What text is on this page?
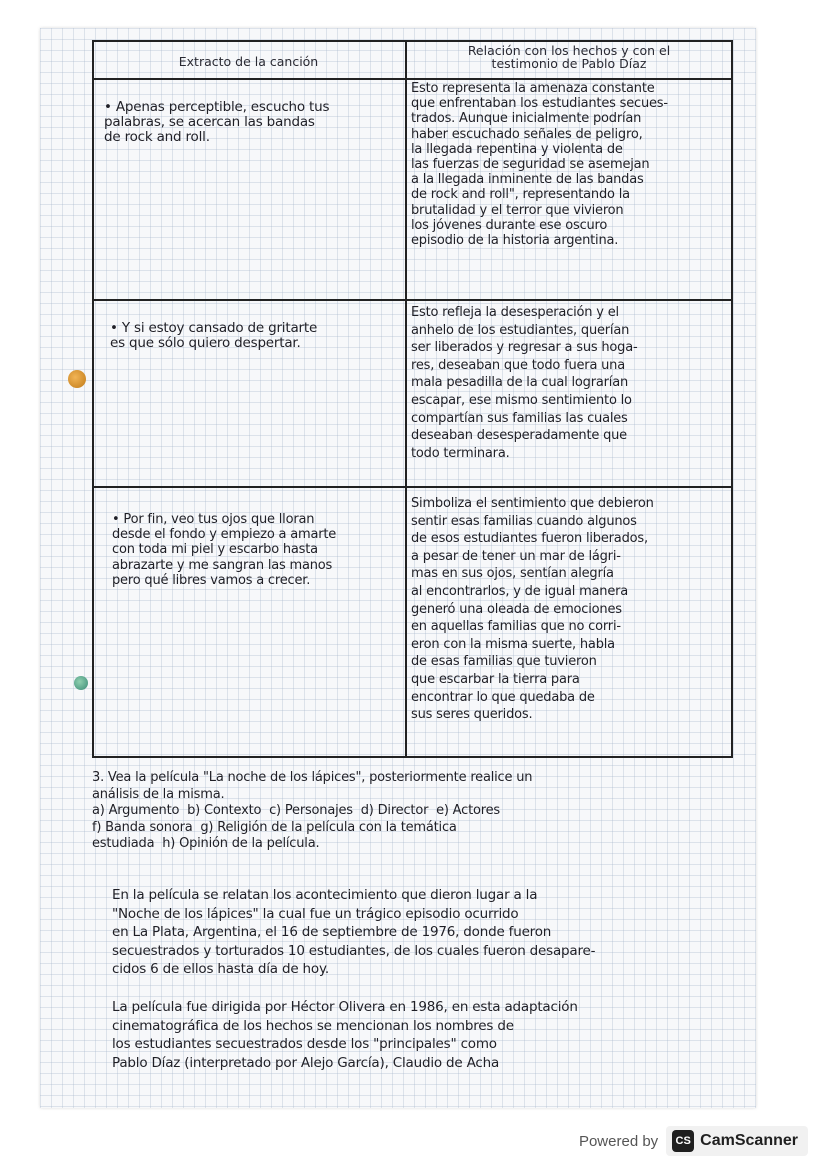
Extracto de la canción
Relación con los hechos y con el
testimonio de Pablo Díaz
• Apenas perceptible, escucho tus
palabras, se acercan las bandas
de rock and roll.
Esto representa la amenaza constante
que enfrentaban los estudiantes secues-
trados. Aunque inicialmente podrían
haber escuchado señales de peligro,
la llegada repentina y violenta de
las fuerzas de seguridad se asemejan
a la llegada inminente de las bandas
de rock and roll", representando la
brutalidad y el terror que vivieron
los jóvenes durante ese oscuro
episodio de la historia argentina.
• Y si estoy cansado de gritarte
es que sólo quiero despertar.
Esto refleja la desesperación y el
anhelo de los estudiantes, querían
ser liberados y regresar a sus hoga-
res, deseaban que todo fuera una
mala pesadilla de la cual lograrían
escapar, ese mismo sentimiento lo
compartían sus familias las cuales
deseaban desesperadamente que
todo terminara.
• Por fin, veo tus ojos que lloran
desde el fondo y empiezo a amarte
con toda mi piel y escarbo hasta
abrazarte y me sangran las manos
pero qué libres vamos a crecer.
Simboliza el sentimiento que debieron
sentir esas familias cuando algunos
de esos estudiantes fueron liberados,
a pesar de tener un mar de lágri-
mas en sus ojos, sentían alegría
al encontrarlos, y de igual manera
generó una oleada de emociones
en aquellas familias que no corri-
eron con la misma suerte, habla
de esas familias que tuvieron
que escarbar la tierra para
encontrar lo que quedaba de
sus seres queridos.
3. Vea la película "La noche de los lápices", posteriormente realice un
análisis de la misma.
a) Argumento  b) Contexto  c) Personajes  d) Director  e) Actores
f) Banda sonora  g) Religión de la película con la temática
estudiada  h) Opinión de la película.
En la película se relatan los acontecimiento que dieron lugar a la
"Noche de los lápices" la cual fue un trágico episodio ocurrido
en La Plata, Argentina, el 16 de septiembre de 1976, donde fueron
secuestrados y torturados 10 estudiantes, de los cuales fueron desapare-
cidos 6 de ellos hasta día de hoy.
La película fue dirigida por Héctor Olivera en 1986, en esta adaptación
cinematográfica de los hechos se mencionan los nombres de
los estudiantes secuestrados desde los "principales" como
Pablo Díaz (interpretado por Alejo García), Claudio de Acha
Powered by	CS CamScanner
